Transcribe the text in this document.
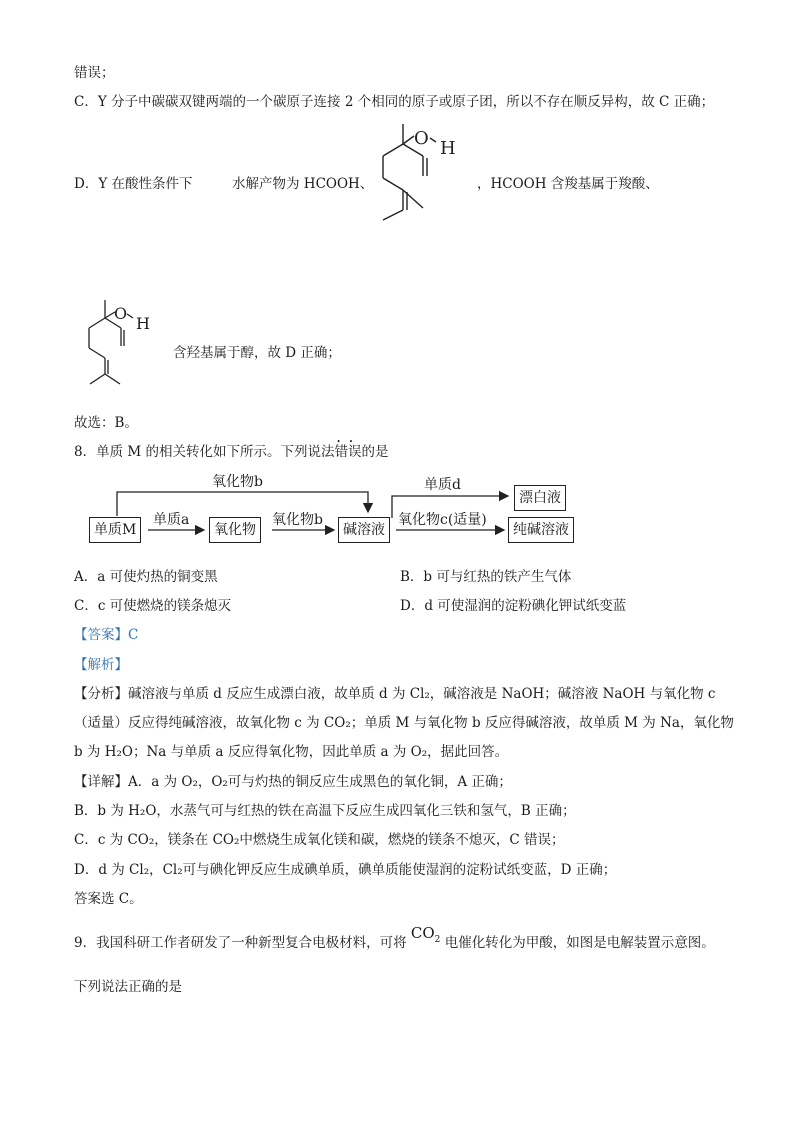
错误；
C．Y 分子中碳碳双键两端的一个碳原子连接 2 个相同的原子或原子团，所以不存在顺反异构，故 C 正确；
D．Y 在酸性条件下	水解产物为 HCOOH、	，HCOOH 含羧基属于羧酸、
O H
O
H
含羟基属于醇，故 D 正确；
故选：B。
8．单质 M 的相关转化如下所示。下列说法• • 错误的是
单质M	氧化物	碱溶液
漂白液
纯碱溶液
氧化物b
单质a	氧化物b
单质d
氧化物c(适量)
A．a 可使灼热的铜变黑	B．b 可与红热的铁产生气体
C．c 可使燃烧的镁条熄灭	D．d 可使湿润的淀粉碘化钾试纸变蓝
【答案】C
【解析】
【分析】碱溶液与单质 d 反应生成漂白液，故单质 d 为 Cl₂，碱溶液是 NaOH；碱溶液 NaOH 与氧化物 c
（适量）反应得纯碱溶液，故氧化物 c 为 CO₂；单质 M 与氧化物 b 反应得碱溶液，故单质 M 为 Na，氧化物
b 为 H₂O；Na 与单质 a 反应得氧化物，因此单质 a 为 O₂，据此回答。
【详解】A．a 为 O₂，O₂可与灼热的铜反应生成黑色的氧化铜，A 正确；
B．b 为 H₂O，水蒸气可与红热的铁在高温下反应生成四氧化三铁和氢气，B 正确；
C．c 为 CO₂，镁条在 CO₂中燃烧生成氧化镁和碳，燃烧的镁条不熄灭，C 错误；
D．d 为 Cl₂，Cl₂可与碘化钾反应生成碘单质，碘单质能使湿润的淀粉试纸变蓝，D 正确；
答案选 C。
9．我国科研工作者研发了一种新型复合电极材料，可将 $CO_2$ 电催化转化为甲酸，如图是电解装置示意图。
下列说法正确的是
